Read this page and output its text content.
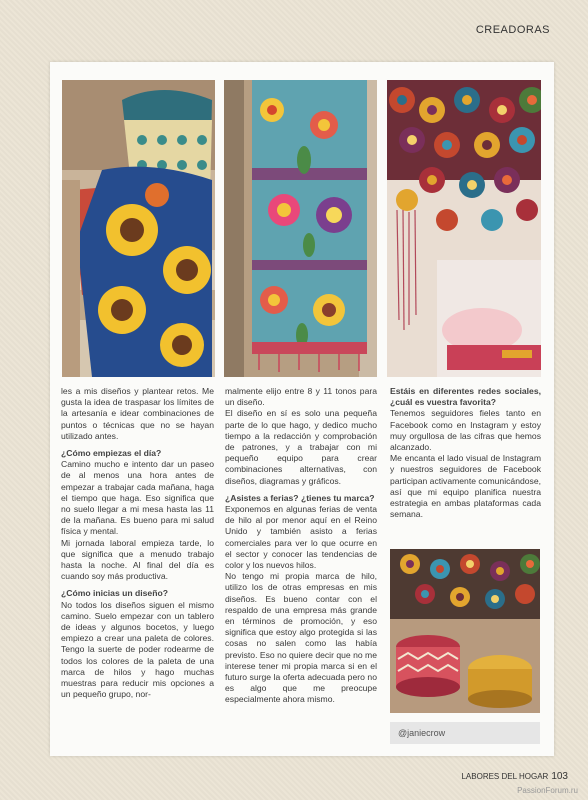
CREADORAS

les a mis diseños y plantear retos. Me gusta la idea de traspasar los límites de la artesanía e idear combinaciones de puntos o técnicas que no se hayan utilizado antes.

¿Cómo empiezas el día?

Camino mucho e intento dar un paseo de al menos una hora antes de empezar a trabajar cada mañana, haga el tiempo que haga. Eso significa que no suelo llegar a mi mesa hasta las 11 de la mañana. Es bueno para mi salud física y mental.

Mi jornada laboral empieza tarde, lo que significa que a menudo trabajo hasta la noche. Al final del día es cuando soy más productiva.

¿Cómo inicias un diseño?

No todos los diseños siguen el mismo camino. Suelo empezar con un tablero de ideas y algunos bocetos, y luego empiezo a crear una paleta de colores. Tengo la suerte de poder rodearme de todos los colores de la paleta de una marca de hilos y hago muchas muestras para reducir mis opciones a un pequeño grupo, nor-

malmente elijo entre 8 y 11 tonos para un diseño.

El diseño en sí es solo una pequeña parte de lo que hago, y dedico mucho tiempo a la redacción y comprobación de patrones, y a trabajar con mi pequeño equipo para crear combinaciones alternativas, con diseños, diagramas y gráficos.

¿Asistes a ferias? ¿tienes tu marca?

Exponemos en algunas ferias de venta de hilo al por menor aquí en el Reino Unido y también asisto a ferias comerciales para ver lo que ocurre en el sector y conocer las tendencias de color y los nuevos hilos.

No tengo mi propia marca de hilo, utilizo los de otras empresas en mis diseños. Es bueno contar con el respaldo de una empresa más grande en términos de promoción, y eso significa que estoy algo protegida si las cosas no salen como las había previsto. Eso no quiere decir que no me interese tener mi propia marca si en el futuro surge la oferta adecuada pero no es algo que me preocupe especialmente ahora mismo.

Estáis en diferentes redes sociales, ¿cuál es vuestra favorita?

Tenemos seguidores fieles tanto en Facebook como en Instagram y estoy muy orgullosa de las cifras que hemos alcanzado.

Me encanta el lado visual de Instagram y nuestros seguidores de Facebook participan activamente comunicándose, así que mi equipo planifica nuestra estrategia en ambas plataformas cada semana.

@janiecrow
LABORES DEL HOGAR 103
PassionForum.ru
